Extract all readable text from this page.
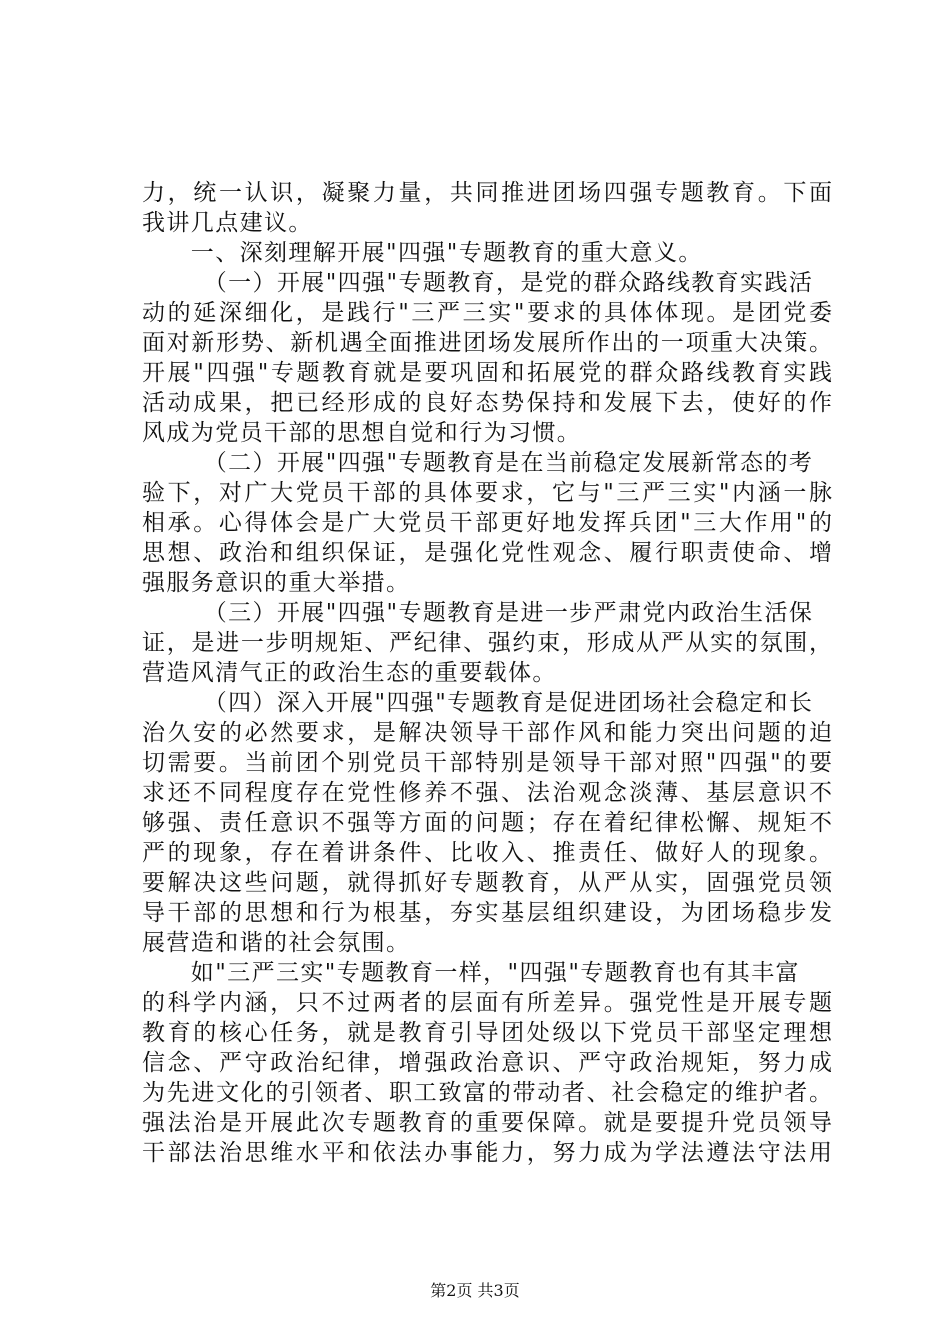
力，统一认识，凝聚力量，共同推进团场四强专题教育。下面
我讲几点建议。
　　一、深刻理解开展"四强"专题教育的重大意义。
　　　（一）开展"四强"专题教育，是党的群众路线教育实践活
动的延深细化，是践行"三严三实"要求的具体体现。是团党委
面对新形势、新机遇全面推进团场发展所作出的一项重大决策。
开展"四强"专题教育就是要巩固和拓展党的群众路线教育实践
活动成果，把已经形成的良好态势保持和发展下去，使好的作
风成为党员干部的思想自觉和行为习惯。
　　　（二）开展"四强"专题教育是在当前稳定发展新常态的考
验下，对广大党员干部的具体要求，它与"三严三实"内涵一脉
相承。心得体会是广大党员干部更好地发挥兵团"三大作用"的
思想、政治和组织保证，是强化党性观念、履行职责使命、增
强服务意识的重大举措。
　　　（三）开展"四强"专题教育是进一步严肃党内政治生活保
证，是进一步明规矩、严纪律、强约束，形成从严从实的氛围，
营造风清气正的政治生态的重要载体。
　　　（四）深入开展"四强"专题教育是促进团场社会稳定和长
治久安的必然要求，是解决领导干部作风和能力突出问题的迫
切需要。当前团个别党员干部特别是领导干部对照"四强"的要
求还不同程度存在党性修养不强、法治观念淡薄、基层意识不
够强、责任意识不强等方面的问题；存在着纪律松懈、规矩不
严的现象，存在着讲条件、比收入、推责任、做好人的现象。
要解决这些问题，就得抓好专题教育，从严从实，固强党员领
导干部的思想和行为根基，夯实基层组织建设，为团场稳步发
展营造和谐的社会氛围。
　　如"三严三实"专题教育一样，"四强"专题教育也有其丰富
的科学内涵，只不过两者的层面有所差异。强党性是开展专题
教育的核心任务，就是教育引导团处级以下党员干部坚定理想
信念、严守政治纪律，增强政治意识、严守政治规矩，努力成
为先进文化的引领者、职工致富的带动者、社会稳定的维护者。
强法治是开展此次专题教育的重要保障。就是要提升党员领导
干部法治思维水平和依法办事能力，努力成为学法遵法守法用
第2页 共3页
